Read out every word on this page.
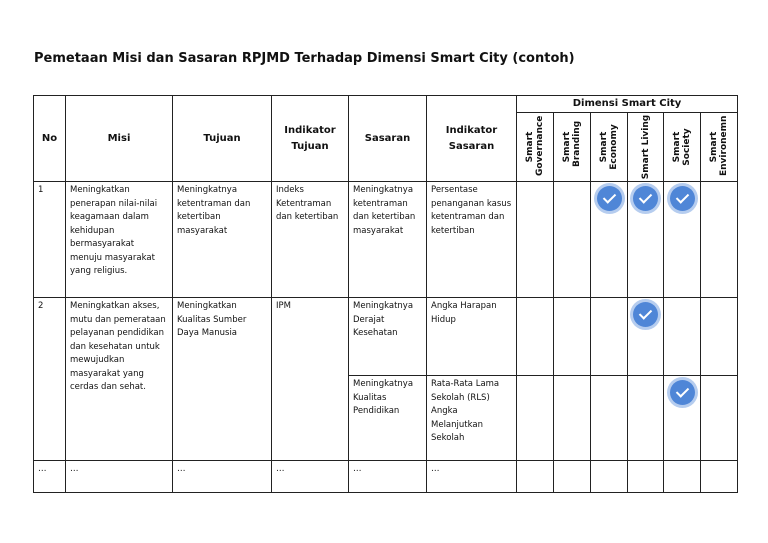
Pemetaan Misi dan Sasaran RPJMD Terhadap Dimensi Smart City (contoh)
No	Misi	Tujuan	Indikator Tujuan	Sasaran	Indikator Sasaran	Dimensi Smart City					

						Smart Governance	Smart Branding	Smart Economy	Smart Living	Smart Society	Smart Environemn

1	Meningkatkan penerapan nilai-nilai keagamaan dalam kehidupan bermasyarakat menuju masyarakat yang religius.	Meningkatnya ketentraman dan ketertiban masyarakat	Indeks Ketentraman dan ketertiban	Meningkatnya ketentraman dan ketertiban masyarakat	Persentase penanganan kasus ketentraman dan ketertiban						
2	Meningkatkan akses, mutu dan pemerataan pelayanan pendidikan dan kesehatan untuk mewujudkan masyarakat yang cerdas dan sehat.	Meningkatkan Kualitas Sumber Daya Manusia	IPM	Meningkatnya Derajat Kesehatan	Angka Harapan Hidup						
				Meningkatnya Kualitas Pendidikan	Rata-Rata Lama Sekolah (RLS) Angka Melanjutkan Sekolah						
…	…	…	…	…	…						
